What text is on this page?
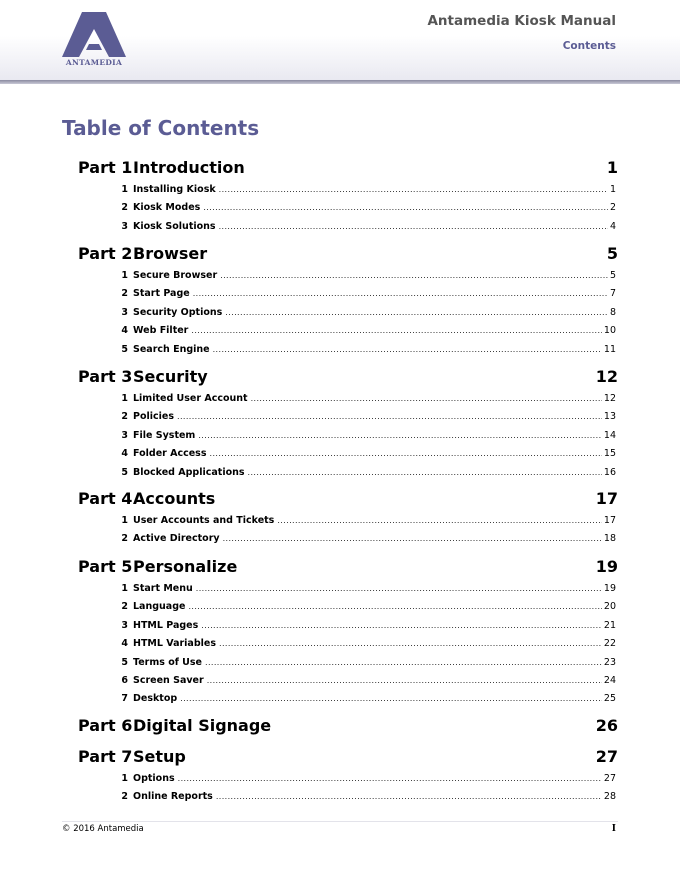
ANTAMEDIA
Antamedia Kiosk Manual
Contents
Table of Contents
Part 1 Introduction	1
1 Installing Kiosk .....	1
2 Kiosk Modes .....	2
3 Kiosk Solutions .....	4
Part 2 Browser	5
1 Secure Browser .....	5
2 Start Page .....	7
3 Security Options .....	8
4 Web Filter .....	10
5 Search Engine .....	11
Part 3 Security	12
1 Limited User Account .....	12
2 Policies .....	13
3 File System .....	14
4 Folder Access .....	15
5 Blocked Applications .....	16
Part 4 Accounts	17
1 User Accounts and Tickets .....	17
2 Active Directory .....	18
Part 5 Personalize	19
1 Start Menu .....	19
2 Language .....	20
3 HTML Pages .....	21
4 HTML Variables .....	22
5 Terms of Use .....	23
6 Screen Saver .....	24
7 Desktop .....	25
Part 6 Digital Signage	26
Part 7 Setup	27
1 Options .....	27
2 Online Reports .....	28
© 2016 Antamedia	I
